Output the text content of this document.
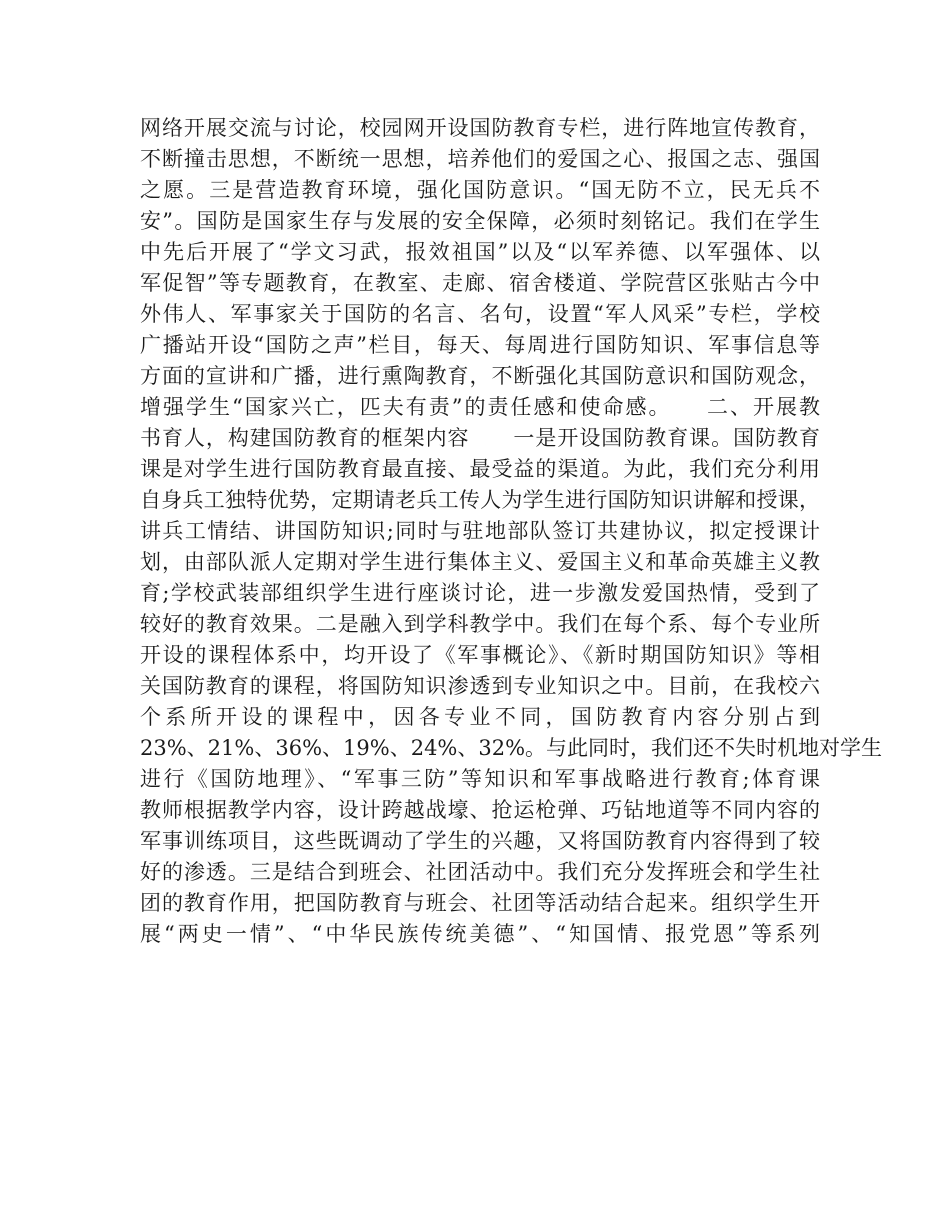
网络开展交流与讨论，校园网开设国防教育专栏，进行阵地宣传教育，
不断撞击思想，不断统一思想，培养他们的爱国之心、报国之志、强国
之愿。三是营造教育环境，强化国防意识。“国无防不立，民无兵不
安”。国防是国家生存与发展的安全保障，必须时刻铭记。我们在学生
中先后开展了“学文习武，报效祖国”以及“以军养德、以军强体、以
军促智”等专题教育，在教室、走廊、宿舍楼道、学院营区张贴古今中
外伟人、军事家关于国防的名言、名句，设置“军人风采”专栏，学校
广播站开设“国防之声”栏目，每天、每周进行国防知识、军事信息等
方面的宣讲和广播，进行熏陶教育，不断强化其国防意识和国防观念，
增强学生“国家兴亡，匹夫有责”的责任感和使命感。　　二、开展教
书育人，构建国防教育的框架内容　　一是开设国防教育课。国防教育
课是对学生进行国防教育最直接、最受益的渠道。为此，我们充分利用
自身兵工独特优势，定期请老兵工传人为学生进行国防知识讲解和授课，
讲兵工情结、讲国防知识;同时与驻地部队签订共建协议，拟定授课计
划，由部队派人定期对学生进行集体主义、爱国主义和革命英雄主义教
育;学校武装部组织学生进行座谈讨论，进一步激发爱国热情，受到了
较好的教育效果。二是融入到学科教学中。我们在每个系、每个专业所
开设的课程体系中，均开设了《军事概论》、《新时期国防知识》等相
关国防教育的课程，将国防知识渗透到专业知识之中。目前，在我校六
个系所开设的课程中，因各专业不同，国防教育内容分别占到
23%、21%、36%、19%、24%、32%。与此同时，我们还不失时机地对学生
进行《国防地理》、“军事三防”等知识和军事战略进行教育;体育课
教师根据教学内容，设计跨越战壕、抢运枪弹、巧钻地道等不同内容的
军事训练项目，这些既调动了学生的兴趣，又将国防教育内容得到了较
好的渗透。三是结合到班会、社团活动中。我们充分发挥班会和学生社
团的教育作用，把国防教育与班会、社团等活动结合起来。组织学生开
展“两史一情”、“中华民族传统美德”、“知国情、报党恩”等系列
